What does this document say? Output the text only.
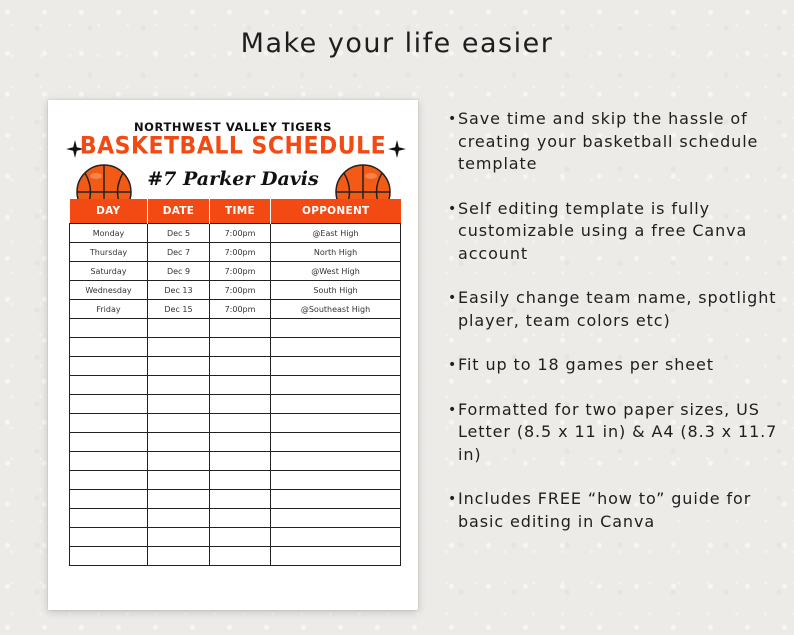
Make your life easier
NORTHWEST VALLEY TIGERS
BASKETBALL SCHEDULE
#7 Parker Davis
DAY	DATE	TIME	OPPONENT
Monday	Dec 5	7:00pm	@East High
Thursday	Dec 7	7:00pm	North High
Saturday	Dec 9	7:00pm	@West High
Wednesday	Dec 13	7:00pm	South High
Friday	Dec 15	7:00pm	@Southeast High

• Save time and skip the hassle of creating your basketball schedule template
• Self editing template is fully customizable using a free Canva account
• Easily change team name, spotlight player, team colors etc)
• Fit up to 18 games per sheet
• Formatted for two paper sizes, US Letter (8.5 x 11 in) & A4 (8.3 x 11.7 in)
• Includes FREE “how to” guide for basic editing in Canva
